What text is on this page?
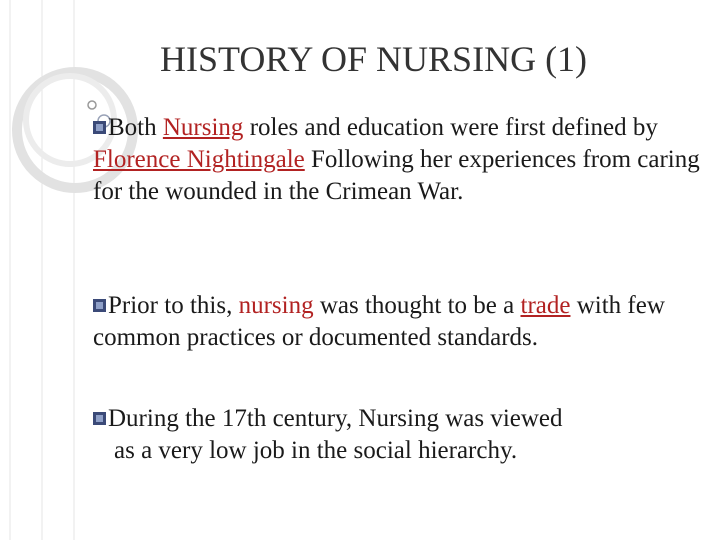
HISTORY OF NURSING (1)
Both Nursing roles and education were first defined by Florence Nightingale Following her experiences from caring for the wounded in the Crimean War.
Prior to this, nursing was thought to be a trade with few common practices or documented standards.
During the 17th century, Nursing was viewed
as a very low job in the social hierarchy.
